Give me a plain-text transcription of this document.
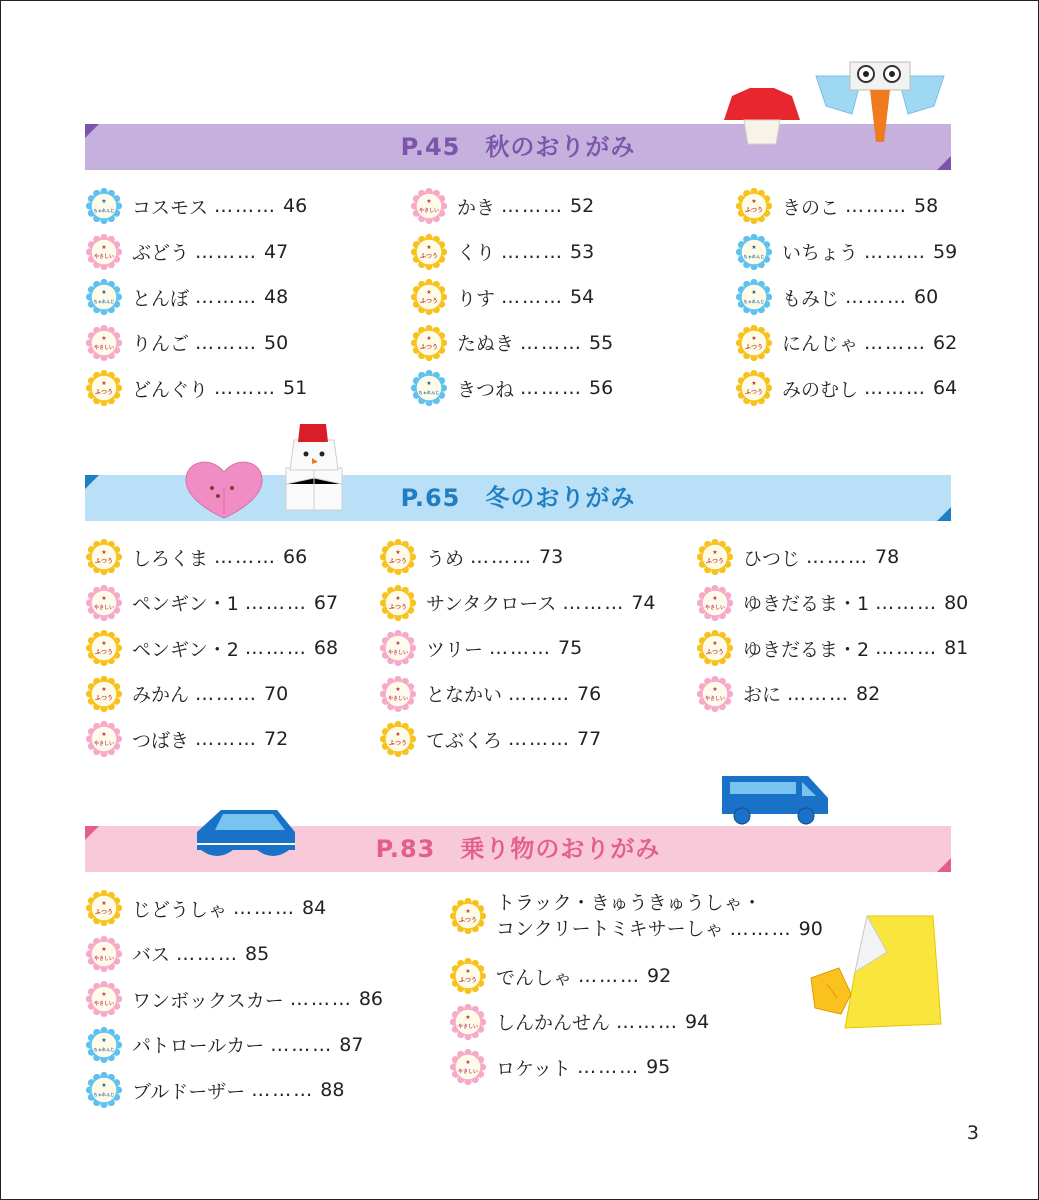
P.45　秋のおりがみ
P.65　冬のおりがみ
P.83　乗り物のおりがみ
3
★
ちゃれんじ コスモス ……… 46
★
やさしい ぶどう ……… 47
★
ちゃれんじ とんぼ ……… 48
★
やさしい りんご ……… 50
★
ふつう どんぐり ……… 51
★
やさしい かき ……… 52
★
ふつう くり ……… 53
★
ふつう りす ……… 54
★
ふつう たぬき ……… 55
★
ちゃれんじ きつね ……… 56
★
ふつう きのこ ……… 58
★
ちゃれんじ いちょう ……… 59
★
ちゃれんじ もみじ ……… 60
★
ふつう にんじゃ ……… 62
★
ふつう みのむし ……… 64
★
ふつう しろくま ……… 66
★
やさしい ペンギン・1 ……… 67
★
ふつう ペンギン・2 ……… 68
★
ふつう みかん ……… 70
★
やさしい つばき ……… 72
★
ふつう うめ ……… 73
★
ふつう サンタクロース ……… 74
★
やさしい ツリー ……… 75
★
やさしい となかい ……… 76
★
ふつう てぶくろ ……… 77
★
ふつう ひつじ ……… 78
★
やさしい ゆきだるま・1 ……… 80
★
ふつう ゆきだるま・2 ……… 81
★
やさしい おに ……… 82
★
ふつう じどうしゃ ……… 84
★
やさしい バス ……… 85
★
やさしい ワンボックスカー ……… 86
★
ちゃれんじ パトロールカー ……… 87
★
ちゃれんじ ブルドーザー ……… 88
★
ふつう
トラック・きゅうきゅうしゃ・
コンクリートミキサーしゃ ……… 90
★
ふつう でんしゃ ……… 92
★
やさしい しんかんせん ……… 94
★
やさしい ロケット ……… 95
